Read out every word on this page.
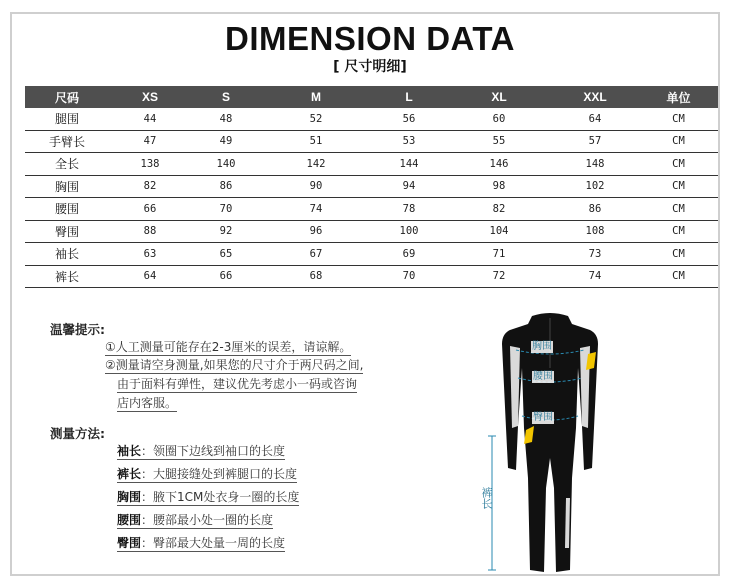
DIMENSION DATA
[ 尺寸明细]
尺码	XS	S	M	L	XL	XXL	单位
腿围	44	48	52	56	60	64	CM
手臂长	47	49	51	53	55	57	CM
全长	138	140	142	144	146	148	CM
胸围	82	86	90	94	98	102	CM
腰围	66	70	74	78	82	86	CM
臀围	88	92	96	100	104	108	CM
袖长	63	65	67	69	71	73	CM
裤长	64	66	68	70	72	74	CM
温馨提示:
①人工测量可能存在2-3厘米的误差，请谅解。
②测量请空身测量,如果您的尺寸介于两尺码之间,
由于面料有弹性，建议优先考虑小一码或咨询
店内客服。
测量方法:
袖长：领圈下边线到袖口的长度
裤长：大腿接缝处到裤腿口的长度
胸围：腋下1CM处衣身一圈的长度
腰围：腰部最小处一圈的长度
臀围：臀部最大处量一周的长度
胸围
腰围
臀围
裤长
